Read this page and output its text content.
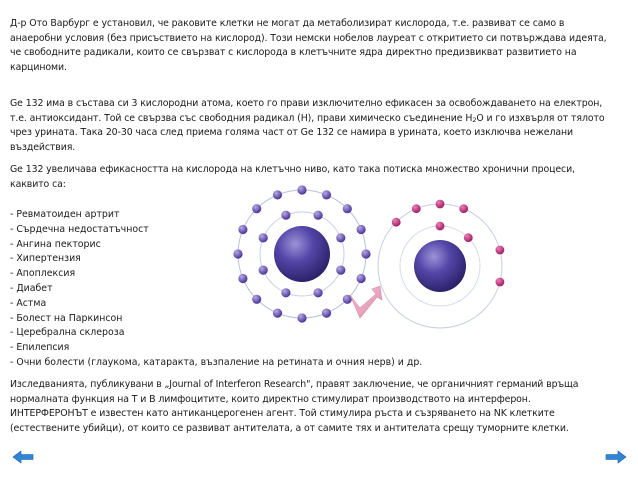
Д-р Ото Варбург е установил, че раковите клетки не могат да метаболизират кислорода, т.е. развиват се само в
анаеробни условия (без присъствието на кислород). Този немски нобелов лауреат с откритието си потвърждава идеята,
че свободните радикали, които се свързват с кислорода в клетъчните ядра директно предизвикват развитието на
карциноми.
Ge 132 има в състава си 3 кислородни атома, което го прави изключително ефикасен за освобождаването на електрон,
т.е. антиоксидант. Той се свързва със свободния радикал (H), прави химическо съединение $H_2O$ и го изхвърля от тялото
чрез урината. Така 20-30 часа след приема голяма част от Ge 132 се намира в урината, което изключва нежелани
въздействия.
Ge 132 увеличава ефикасността на кислорода на клетъчно ниво, като така потиска множество хронични процеси,
каквито са:
- Ревматоиден артрит
- Сърдечна недостатъчност
- Ангина пекторис
- Хипертензия
- Апоплексия
- Диабет
- Астма
- Болест на Паркинсон
- Церебрална склероза
- Епилепсия
- Очни болести (глаукома, катаракта, възпаление на ретината и очния нерв) и др.
Изследванията, публикувани в „Journal of Interferon Research", правят заключение, че органичният германий връща
нормалната функция на T и B лимфоцитите, които директно стимулират производството на интерферон.
ИНТЕРФЕРОНЪТ е известен като антиканцерогенен агент. Той стимулира ръста и съзряването на NK клетките
(естествените убийци), от които се развиват антителата, а от самите тях и антителата срещу туморните клетки.
